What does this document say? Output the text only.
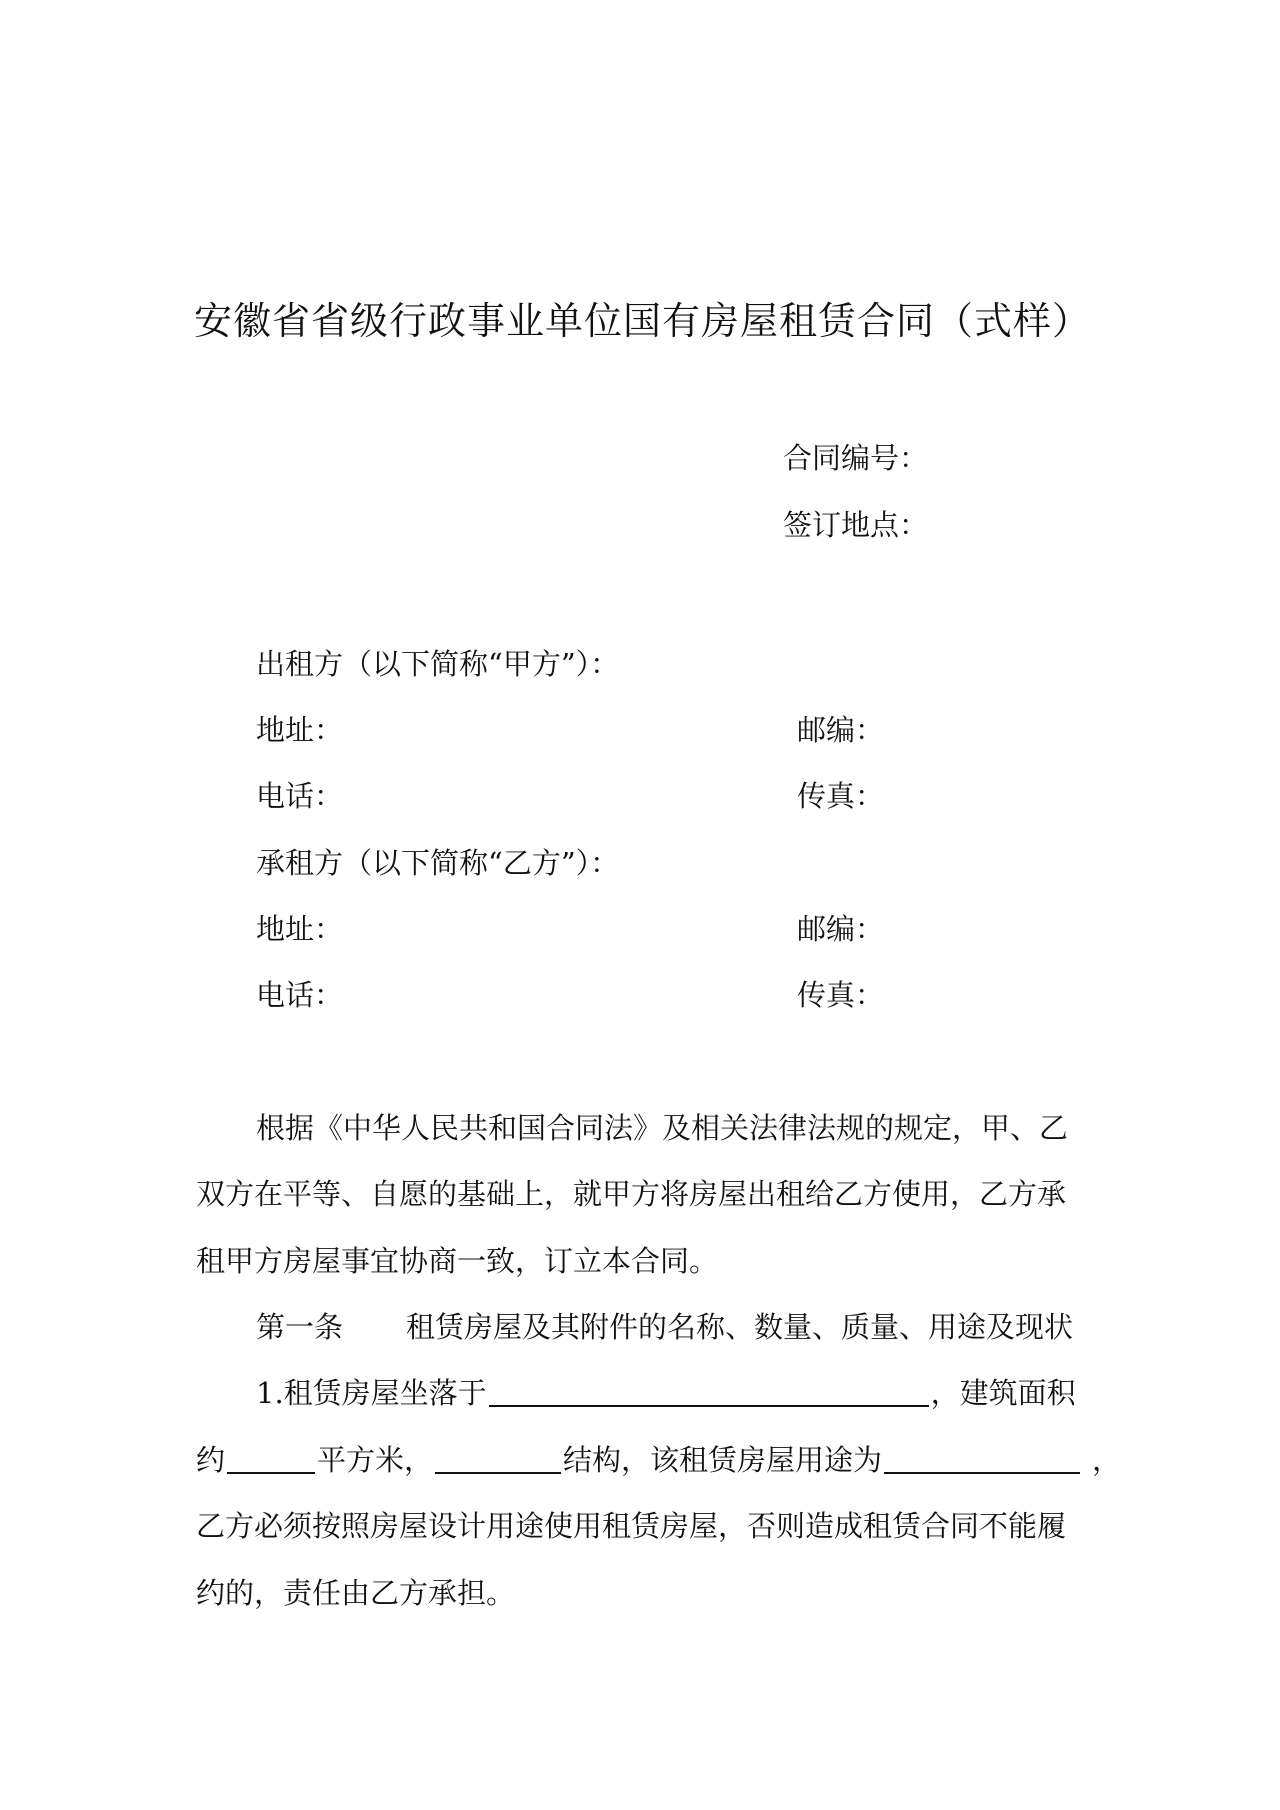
安徽省省级行政事业单位国有房屋租赁合同（式样）
合同编号：
签订地点：
出租方（以下简称“甲方”）：
地址：	邮编：
电话：	传真：
承租方（以下简称“乙方”）：
地址：	邮编：
电话：	传真：
根据《中华人民共和国合同法》及相关法律法规的规定，甲、乙
双方在平等、自愿的基础上，就甲方将房屋出租给乙方使用，乙方承
租甲方房屋事宜协商一致，订立本合同。
第一条 租赁房屋及其附件的名称、数量、质量、用途及现状
1.租赁房屋坐落于	，建筑面积
约	平方米，	结构，该租赁房屋用途为	，
乙方必须按照房屋设计用途使用租赁房屋，否则造成租赁合同不能履
约的，责任由乙方承担。
